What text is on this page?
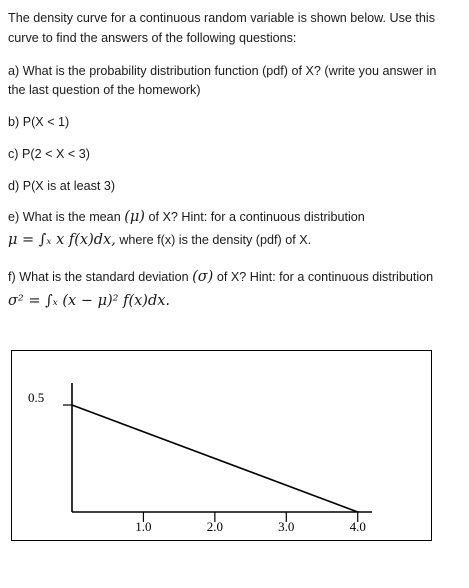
The density curve for a continuous random variable is shown below. Use this
curve to find the answers of the following questions:
a) What is the probability distribution function (pdf) of X? (write you answer in
the last question of the homework)
b) P(X < 1)
c) P(2 < X < 3)
d) P(X is at least 3)
e) What is the mean (μ) of X? Hint: for a continuous distribution
μ = ∫ₓ x f(x)dx, where f(x) is the density (pdf) of X.
f) What is the standard deviation (σ) of X? Hint: for a continuous distribution
σ² = ∫ₓ (x − μ)² f(x)dx.
0.5
1.0	2.0	3.0	4.0
